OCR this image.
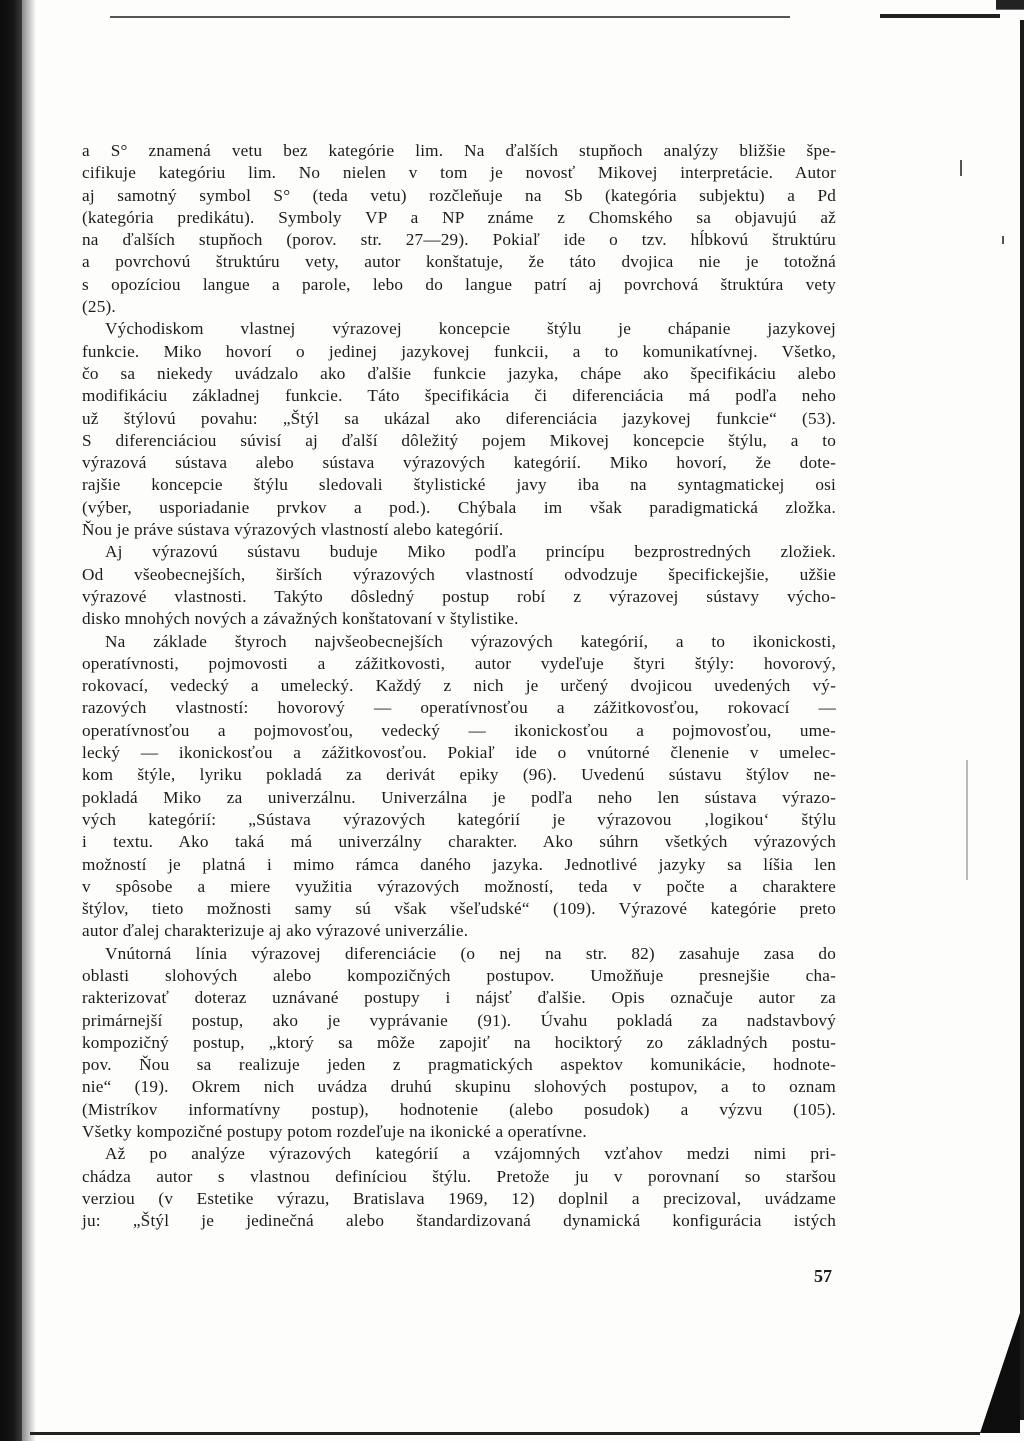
a S° znamená vetu bez kategórie lim. Na ďalších stupňoch analýzy bližšie špe-
cifikuje kategóriu lim. No nielen v tom je novosť Mikovej interpretácie. Autor
aj samotný symbol S° (teda vetu) rozčleňuje na Sb (kategória subjektu) a Pd
(kategória predikátu). Symboly VP a NP známe z Chomského sa objavujú až
na ďalších stupňoch (porov. str. 27—29). Pokiaľ ide o tzv. hĺbkovú štruktúru
a povrchovú štruktúru vety, autor konštatuje, že táto dvojica nie je totožná
s opozíciou langue a parole, lebo do langue patrí aj povrchová štruktúra vety
(25).
Východiskom vlastnej výrazovej koncepcie štýlu je chápanie jazykovej
funkcie. Miko hovorí o jedinej jazykovej funkcii, a to komunikatívnej. Všetko,
čo sa niekedy uvádzalo ako ďalšie funkcie jazyka, chápe ako špecifikáciu alebo
modifikáciu základnej funkcie. Táto špecifikácia či diferenciácia má podľa neho
už štýlovú povahu: „Štýl sa ukázal ako diferenciácia jazykovej funkcie“ (53).
S diferenciáciou súvisí aj ďalší dôležitý pojem Mikovej koncepcie štýlu, a to
výrazová sústava alebo sústava výrazových kategórií. Miko hovorí, že dote-
rajšie koncepcie štýlu sledovali štylistické javy iba na syntagmatickej osi
(výber, usporiadanie prvkov a pod.). Chýbala im však paradigmatická zložka.
Ňou je práve sústava výrazových vlastností alebo kategórií.
Aj výrazovú sústavu buduje Miko podľa princípu bezprostredných zložiek.
Od všeobecnejších, širších výrazových vlastností odvodzuje špecifickejšie, užšie
výrazové vlastnosti. Takýto dôsledný postup robí z výrazovej sústavy výcho-
disko mnohých nových a závažných konštatovaní v štylistike.
Na základe štyroch najvšeobecnejších výrazových kategórií, a to ikonickosti,
operatívnosti, pojmovosti a zážitkovosti, autor vydeľuje štyri štýly: hovorový,
rokovací, vedecký a umelecký. Každý z nich je určený dvojicou uvedených vý-
razových vlastností: hovorový — operatívnosťou a zážitkovosťou, rokovací —
operatívnosťou a pojmovosťou, vedecký — ikonickosťou a pojmovosťou, ume-
lecký — ikonickosťou a zážitkovosťou. Pokiaľ ide o vnútorné členenie v umelec-
kom štýle, lyriku pokladá za derivát epiky (96). Uvedenú sústavu štýlov ne-
pokladá Miko za univerzálnu. Univerzálna je podľa neho len sústava výrazo-
vých kategórií: „Sústava výrazových kategórií je výrazovou ‚logikou‘ štýlu
i textu. Ako taká má univerzálny charakter. Ako súhrn všetkých výrazových
možností je platná i mimo rámca daného jazyka. Jednotlivé jazyky sa líšia len
v spôsobe a miere využitia výrazových možností, teda v počte a charaktere
štýlov, tieto možnosti samy sú však všeľudské“ (109). Výrazové kategórie preto
autor ďalej charakterizuje aj ako výrazové univerzálie.
Vnútorná línia výrazovej diferenciácie (o nej na str. 82) zasahuje zasa do
oblasti slohových alebo kompozičných postupov. Umožňuje presnejšie cha-
rakterizovať doteraz uznávané postupy i nájsť ďalšie. Opis označuje autor za
primárnejší postup, ako je vyprávanie (91). Úvahu pokladá za nadstavbový
kompozičný postup, „ktorý sa môže zapojiť na hociktorý zo základných postu-
pov. Ňou sa realizuje jeden z pragmatických aspektov komunikácie, hodnote-
nie“ (19). Okrem nich uvádza druhú skupinu slohových postupov, a to oznam
(Mistríkov informatívny postup), hodnotenie (alebo posudok) a výzvu (105).
Všetky kompozičné postupy potom rozdeľuje na ikonické a operatívne.
Až po analýze výrazových kategórií a vzájomných vzťahov medzi nimi pri-
chádza autor s vlastnou definíciou štýlu. Pretože ju v porovnaní so staršou
verziou (v Estetike výrazu, Bratislava 1969, 12) doplnil a precizoval, uvádzame
ju: „Štýl je jedinečná alebo štandardizovaná dynamická konfigurácia istých
57
